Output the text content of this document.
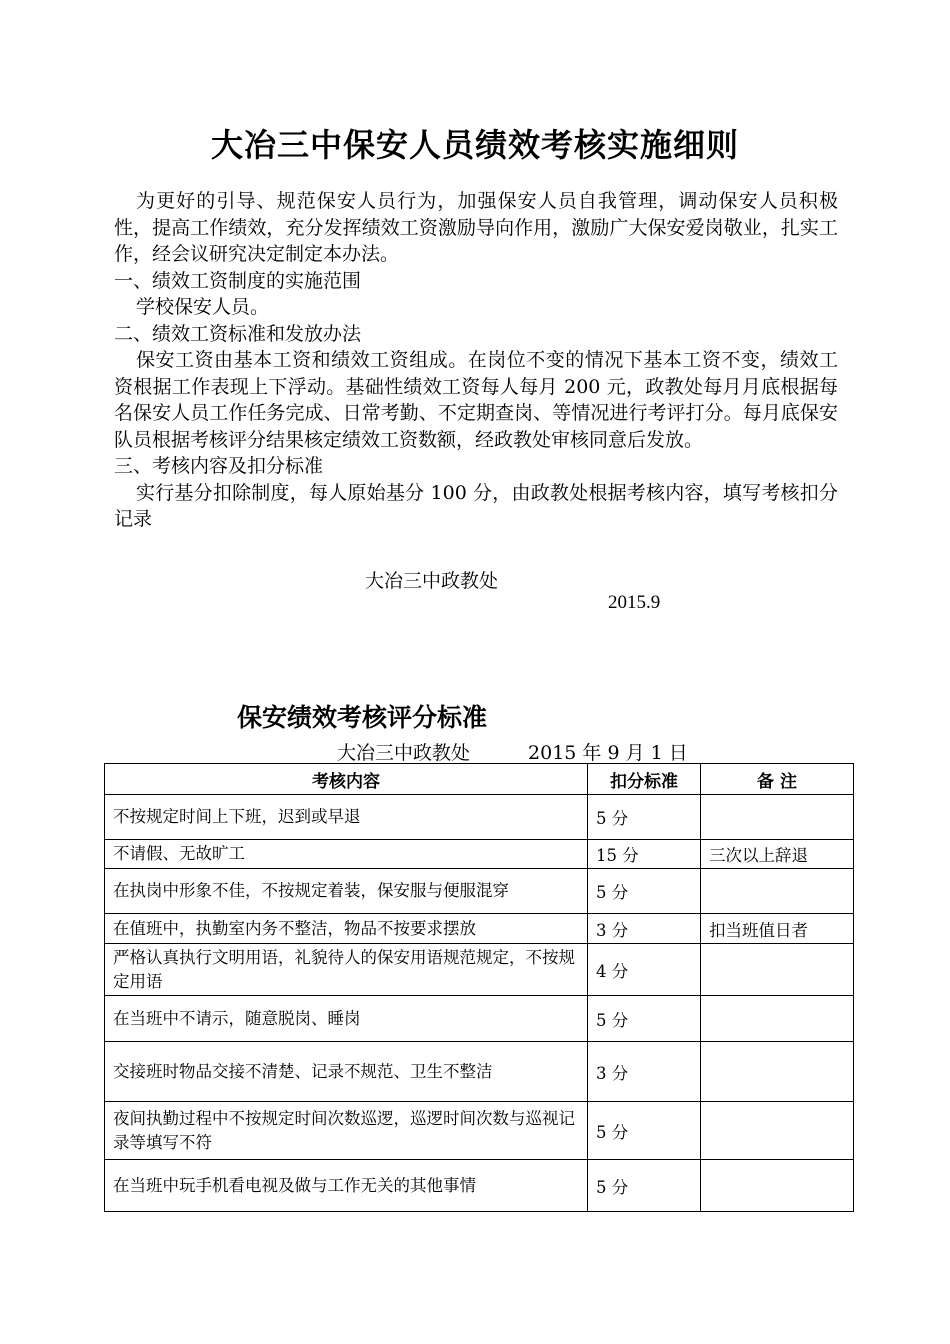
大冶三中保安人员绩效考核实施细则

为更好的引导、规范保安人员行为，加强保安人员自我管理，调动保安人员积极性，提高工作绩效，充分发挥绩效工资激励导向作用，激励广大保安爱岗敬业，扎实工作，经会议研究决定制定本办法。

一、绩效工资制度的实施范围

学校保安人员。

二、绩效工资标准和发放办法

保安工资由基本工资和绩效工资组成。在岗位不变的情况下基本工资不变，绩效工资根据工作表现上下浮动。基础性绩效工资每人每月 200 元，政教处每月月底根据每名保安人员工作任务完成、日常考勤、不定期查岗、等情况进行考评打分。每月底保安队员根据考核评分结果核定绩效工资数额，经政教处审核同意后发放。

三、考核内容及扣分标准

实行基分扣除制度，每人原始基分 100 分，由政教处根据考核内容，填写考核扣分记录

大冶三中政教处
2015.9
保安绩效考核评分标准
大冶三中政教处	2015 年 9 月 1 日
考核内容	扣分标准	备 注
不按规定时间上下班，迟到或早退	5 分	
不请假、无故旷工	15 分	三次以上辞退
在执岗中形象不佳，不按规定着装，保安服与便服混穿	5 分	
在值班中，执勤室内务不整洁，物品不按要求摆放	3 分	扣当班值日者
严格认真执行文明用语，礼貌待人的保安用语规范规定，不按规定用语	4 分	
在当班中不请示，随意脱岗、睡岗	5 分	
交接班时物品交接不清楚、记录不规范、卫生不整洁	3 分	
夜间执勤过程中不按规定时间次数巡逻，巡逻时间次数与巡视记录等填写不符	5 分	
在当班中玩手机看电视及做与工作无关的其他事情	5 分	
